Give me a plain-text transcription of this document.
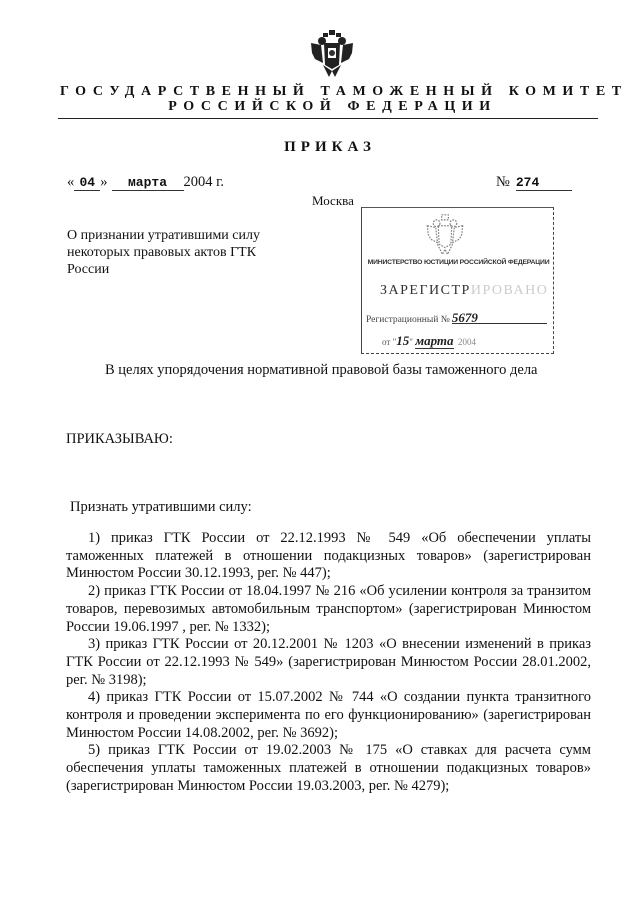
ГОСУДАРСТВЕННЫЙ ТАМОЖЕННЫЙ КОМИТЕТ
РОССИЙСКОЙ ФЕДЕРАЦИИ
ПРИКАЗ
« 04 » марта 2004 г.	№ 274
Москва
О признании утратившими силу некоторых правовых актов ГТК России	МИНИСТЕРСТВО ЮСТИЦИИ РОССИЙСКОЙ ФЕДЕРАЦИИ
ЗАРЕГИСТРИРОВАНО
Регистрационный № 5679
от "15" марта 2004
В целях упорядочения нормативной правовой базы таможенного дела
ПРИКАЗЫВАЮ:
Признать утратившими силу:

1) приказ ГТК России от 22.12.1993 № 549 «Об обеспечении уплаты таможенных платежей в отношении подакцизных товаров» (зарегистрирован Минюстом России 30.12.1993, рег. № 447);

2) приказ ГТК России от 18.04.1997 № 216 «Об усилении контроля за транзитом товаров, перевозимых автомобильным транспортом» (зарегистрирован Минюстом России 19.06.1997 , рег. № 1332);

3) приказ ГТК России от 20.12.2001 № 1203 «О внесении изменений в приказ ГТК России от 22.12.1993 № 549» (зарегистрирован Минюстом России 28.01.2002, рег. № 3198);

4) приказ ГТК России от 15.07.2002 № 744 «О создании пункта транзитного контроля и проведении эксперимента по его функционированию» (зарегистрирован Минюстом России 14.08.2002, рег. № 3692);

5) приказ ГТК России от 19.02.2003 № 175 «О ставках для расчета сумм обеспечения уплаты таможенных платежей в отношении подакцизных товаров» (зарегистрирован Минюстом России 19.03.2003, рег. № 4279);
